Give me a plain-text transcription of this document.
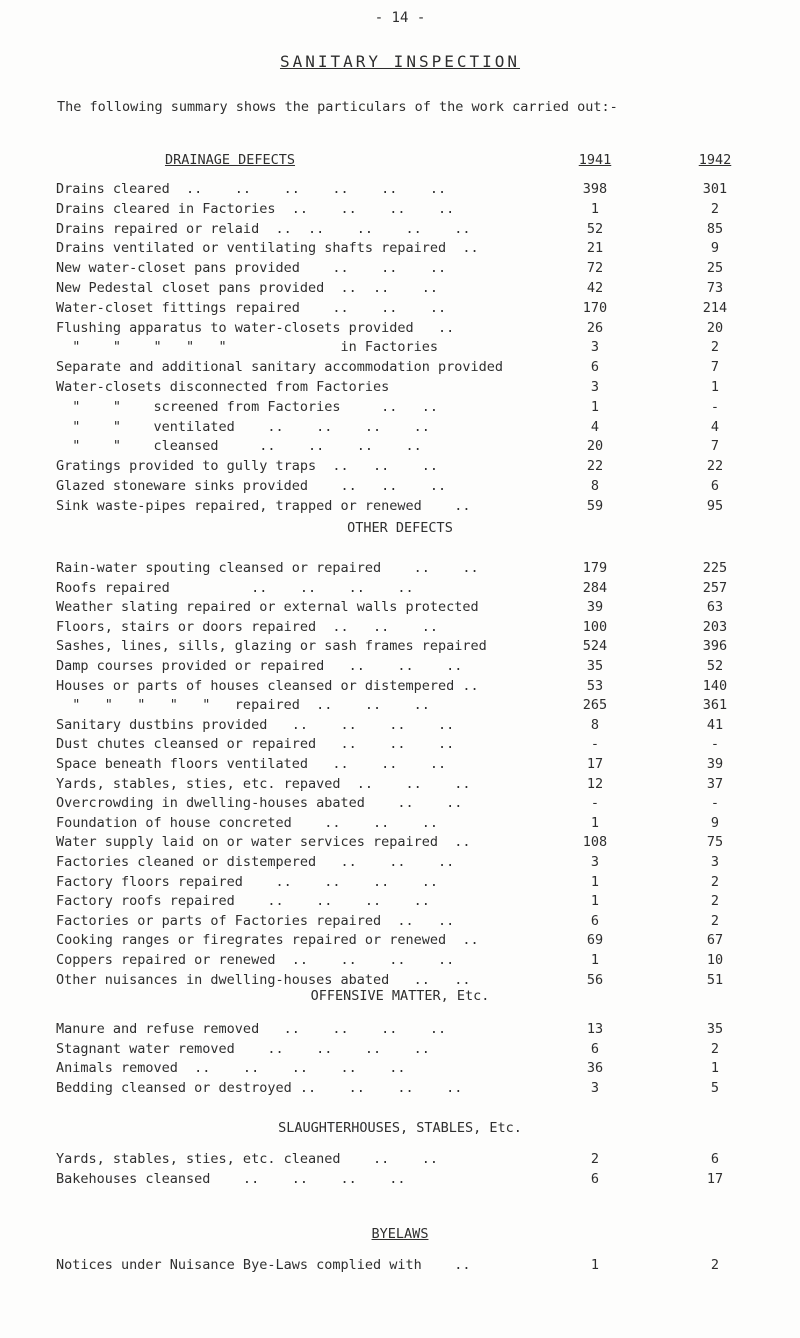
- 14 -
SANITARY INSPECTION
The following summary shows the particulars of the work carried out:-
DRAINAGE DEFECTS	1941	1942
Drains cleared  ..    ..    ..    ..    ..    ..	398	301
Drains cleared in Factories  ..    ..    ..    ..	1	2
Drains repaired or relaid  ..  ..    ..    ..    ..	52	85
Drains ventilated or ventilating shafts repaired  ..	21	9
New water-closet pans provided    ..    ..    ..	72	25
New Pedestal closet pans provided  ..  ..    ..	42	73
Water-closet fittings repaired    ..    ..    ..	170	214
Flushing apparatus to water-closets provided   ..	26	20
"    "    "   "   "              in Factories	3	2
Separate and additional sanitary accommodation provided	6	7
Water-closets disconnected from Factories	3	1
"    "    screened from Factories     ..   ..	1	-
"    "    ventilated    ..    ..    ..    ..	4	4
"    "    cleansed     ..    ..    ..    ..	20	7
Gratings provided to gully traps  ..   ..    ..	22	22
Glazed stoneware sinks provided    ..   ..    ..	8	6
Sink waste-pipes repaired, trapped or renewed    ..	59	95
OTHER DEFECTS
Rain-water spouting cleansed or repaired    ..    ..	179	225
Roofs repaired          ..    ..    ..    ..	284	257
Weather slating repaired or external walls protected	39	63
Floors, stairs or doors repaired  ..   ..    ..	100	203
Sashes, lines, sills, glazing or sash frames repaired	524	396
Damp courses provided or repaired   ..    ..    ..	35	52
Houses or parts of houses cleansed or distempered ..	53	140
"   "   "   "   "   repaired  ..    ..    ..	265	361
Sanitary dustbins provided   ..    ..    ..    ..	8	41
Dust chutes cleansed or repaired   ..    ..    ..	-	-
Space beneath floors ventilated   ..    ..    ..	17	39
Yards, stables, sties, etc. repaved  ..    ..    ..	12	37
Overcrowding in dwelling-houses abated    ..    ..	-	-
Foundation of house concreted    ..    ..    ..	1	9
Water supply laid on or water services repaired  ..	108	75
Factories cleaned or distempered   ..    ..    ..	3	3
Factory floors repaired    ..    ..    ..    ..	1	2
Factory roofs repaired    ..    ..    ..    ..	1	2
Factories or parts of Factories repaired  ..   ..	6	2
Cooking ranges or firegrates repaired or renewed  ..	69	67
Coppers repaired or renewed  ..    ..    ..    ..	1	10
Other nuisances in dwelling-houses abated   ..   ..	56	51
OFFENSIVE MATTER, Etc.
Manure and refuse removed   ..    ..    ..    ..	13	35
Stagnant water removed    ..    ..    ..    ..	6	2
Animals removed  ..    ..    ..    ..    ..	36	1
Bedding cleansed or destroyed ..    ..    ..    ..	3	5
SLAUGHTERHOUSES, STABLES, Etc.
Yards, stables, sties, etc. cleaned    ..    ..	2	6
Bakehouses cleansed    ..    ..    ..    ..	6	17
BYELAWS
Notices under Nuisance Bye-Laws complied with    ..	1	2
